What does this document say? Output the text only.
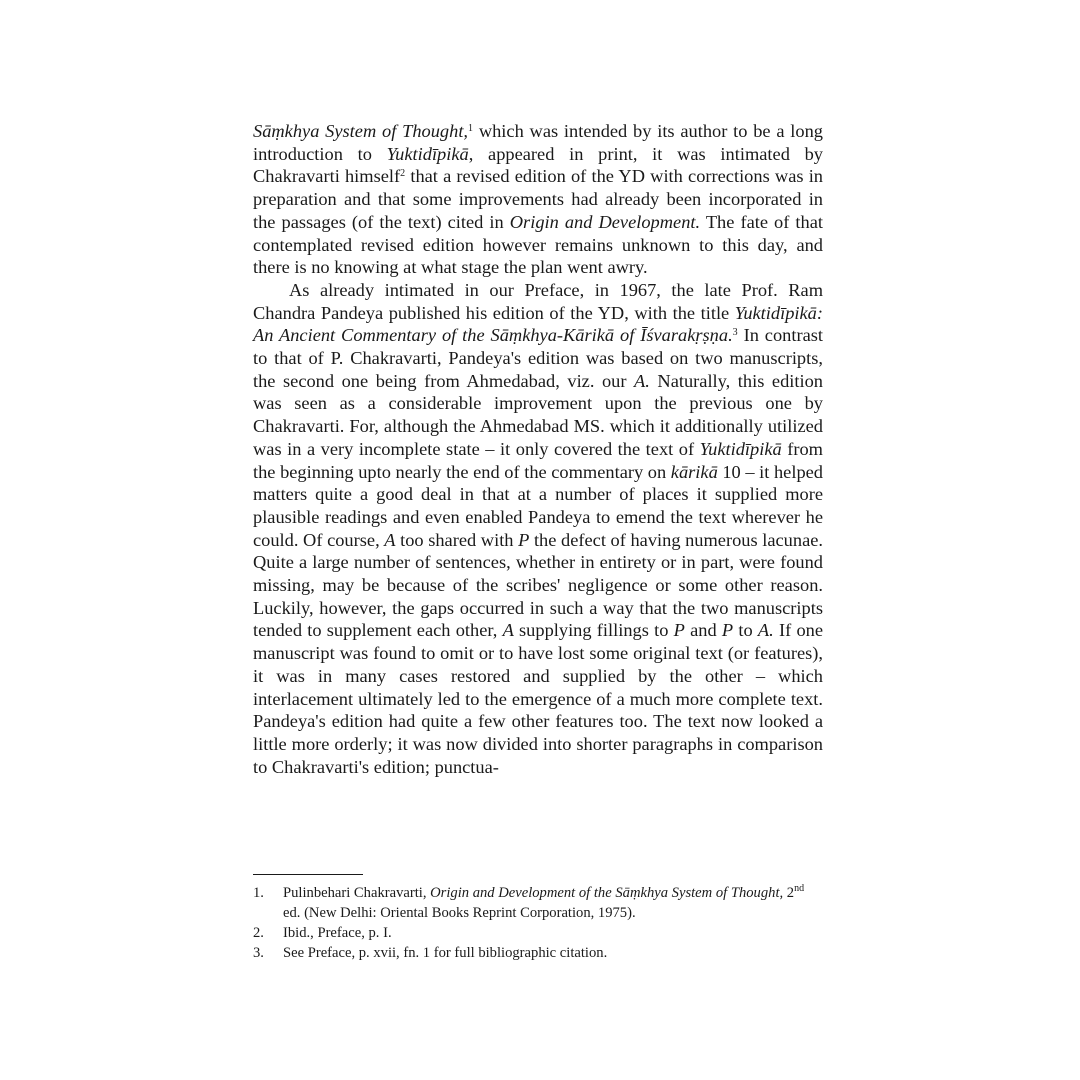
Sāṃkhya System of Thought,$^1$ which was intended by its author to be a long introduction to Yuktidīpikā, appeared in print, it was intimated by Chakravarti himself$^2$ that a revised edition of the YD with corrections was in preparation and that some improvements had already been incorporated in the passages (of the text) cited in Origin and Development. The fate of that contemplated revised edition however remains unknown to this day, and there is no knowing at what stage the plan went awry.

As already intimated in our Preface, in 1967, the late Prof. Ram Chandra Pandeya published his edition of the YD, with the title Yuktidīpikā: An Ancient Commentary of the Sāṃkhya-Kārikā of Īśvarakṛṣṇa.$^3$ In contrast to that of P. Chakravarti, Pandeya's edition was based on two manuscripts, the second one being from Ahmedabad, viz. our A. Naturally, this edition was seen as a considerable improvement upon the previous one by Chakravarti. For, although the Ahmedabad MS. which it additionally utilized was in a very incomplete state – it only covered the text of Yuktidīpikā from the beginning upto nearly the end of the commentary on kārikā 10 – it helped matters quite a good deal in that at a number of places it supplied more plausible readings and even enabled Pandeya to emend the text wherever he could. Of course, A too shared with P the defect of having numerous lacunae. Quite a large number of sentences, whether in entirety or in part, were found missing, may be because of the scribes' negligence or some other reason. Luckily, however, the gaps occurred in such a way that the two manuscripts tended to supplement each other, A supplying fillings to P and P to A. If one manuscript was found to omit or to have lost some original text (or features), it was in many cases restored and supplied by the other – which interlacement ultimately led to the emergence of a much more complete text. Pandeya's edition had quite a few other features too. The text now looked a little more orderly; it was now divided into shorter paragraphs in comparison to Chakravarti's edition; punctua-

1.	Pulinbehari Chakravarti, Origin and Development of the Sāṃkhya System of Thought, 2nd ed. (New Delhi: Oriental Books Reprint Corporation, 1975).
2.	Ibid., Preface, p. I.
3.	See Preface, p. xvii, fn. 1 for full bibliographic citation.
